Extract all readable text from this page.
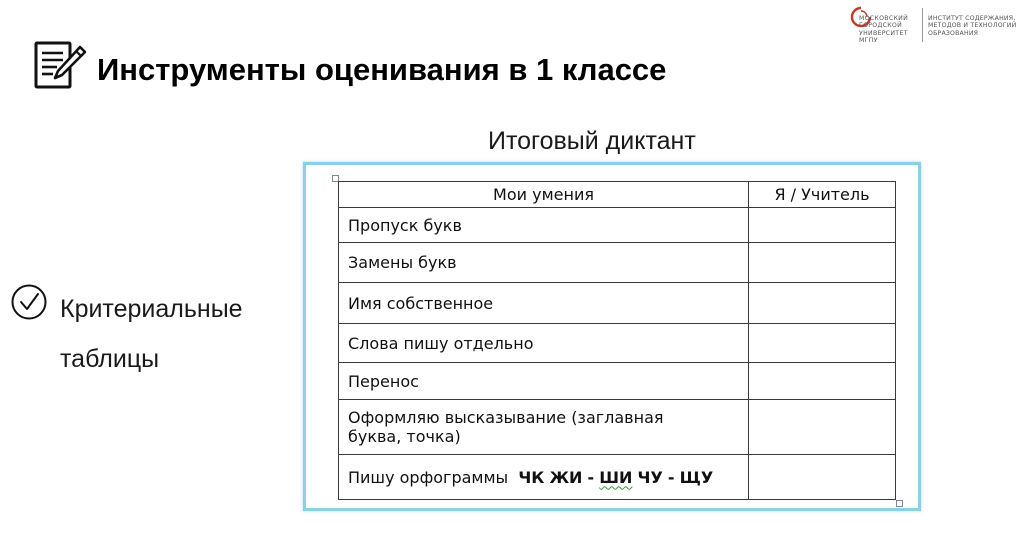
МОСКОВСКИЙ
ГОРОДСКОЙ
УНИВЕРСИТЕТ
МГПУ
ИНСТИТУТ СОДЕРЖАНИЯ,
МЕТОДОВ И ТЕХНОЛОГИЙ
ОБРАЗОВАНИЯ
Инструменты оценивания в 1 классе
Итоговый диктант
Критериальные
таблицы
Мои умения	Я / Учитель
Пропуск букв	
Замены букв	
Имя собственное	
Слова пишу отдельно	
Перенос	

Оформляю высказывание (заглавная
буква, точка)	

Пишу орфограммы ЧК ЖИ - ШИ ЧУ - ЩУ	
